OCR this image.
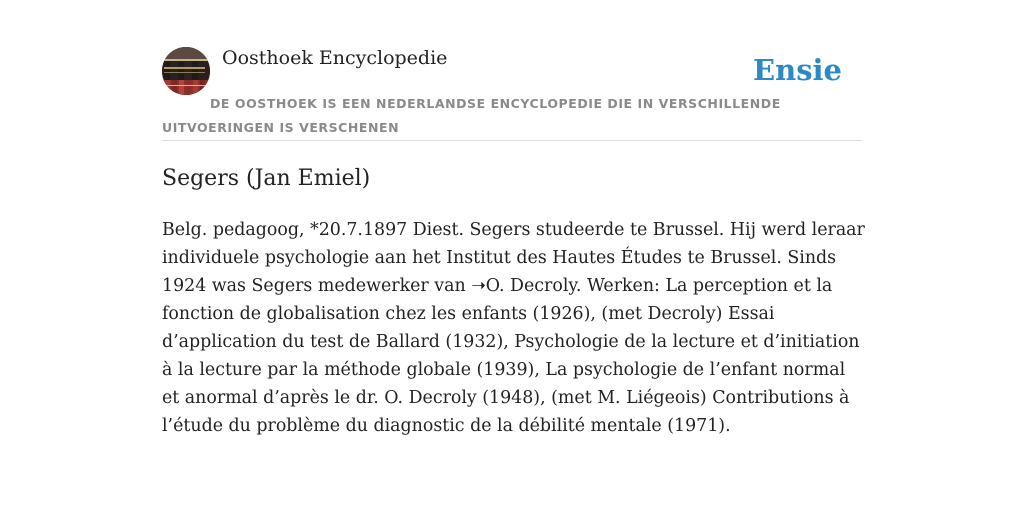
Oosthoek Encyclopedie	Ensie
DE OOSTHOEK IS EEN NEDERLANDSE ENCYCLOPEDIE DIE IN VERSCHILLENDE UITVOERINGEN IS VERSCHENEN
Segers (Jan Emiel)

Belg. pedagoog, *20.7.1897 Diest. Segers studeerde te Brussel. Hij werd leraar individuele psychologie aan het Institut des Hautes Études te Brussel. Sinds 1924 was Segers medewerker van ➝O. Decroly. Werken: La perception et la fonction de globalisation chez les enfants (1926), (met Decroly) Essai d’application du test de Ballard (1932), Psychologie de la lecture et d’initiation à la lecture par la méthode globale (1939), La psychologie de l’enfant normal et anormal d’après le dr. O. Decroly (1948), (met M. Liégeois) Contributions à l’étude du problème du diagnostic de la débilité mentale (1971).
